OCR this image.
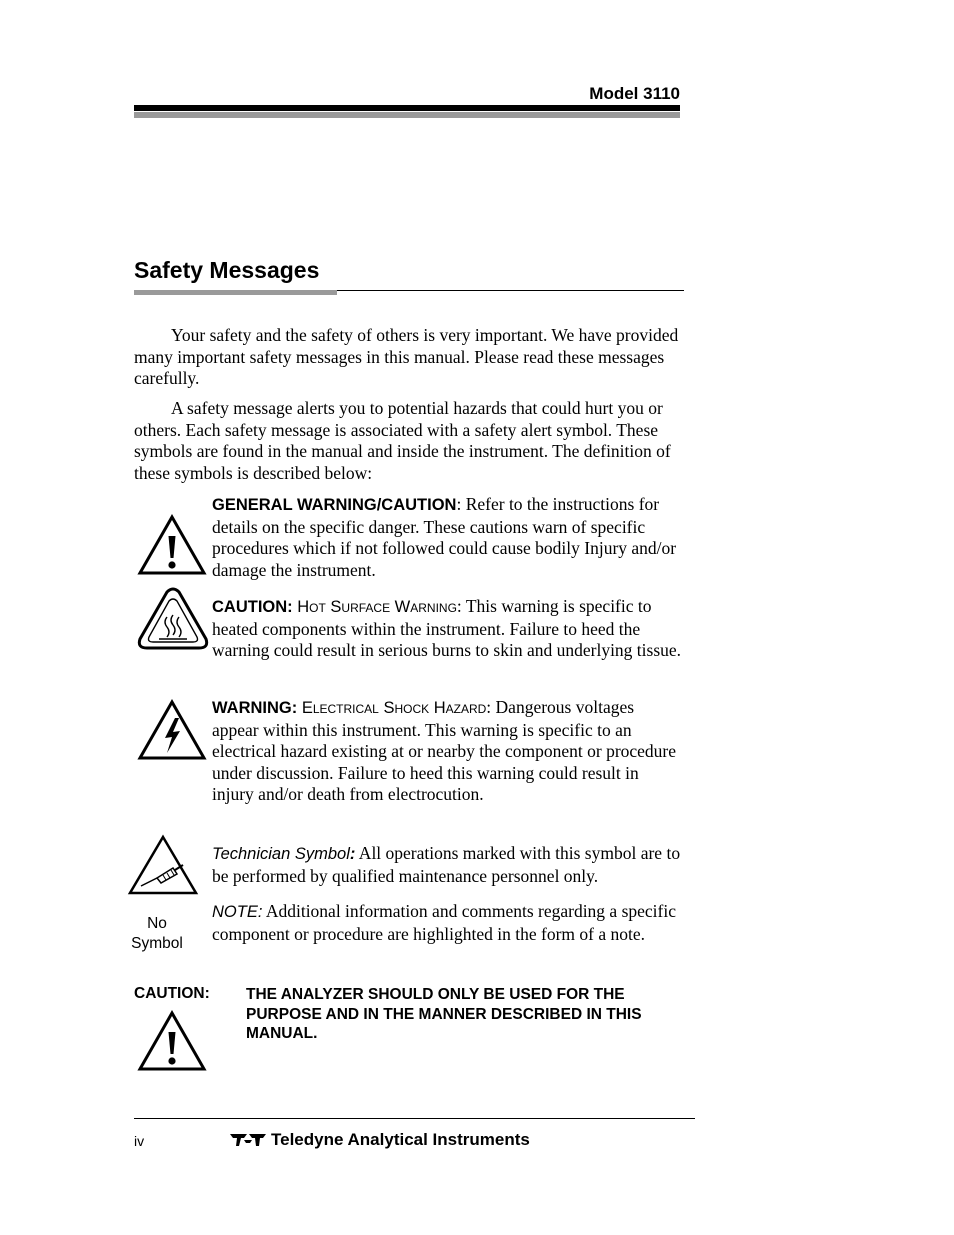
Model 3110
Safety Messages

Your safety and the safety of others is very important. We have provided many important safety messages in this manual. Please read these messages carefully.

A safety message alerts you to potential hazards that could hurt you or others. Each safety message is associated with a safety alert symbol. These symbols are found in the manual and inside the instrument. The definition of these symbols is described below:

GENERAL WARNING/CAUTION: Refer to the instructions for details on the specific danger. These cautions warn of specific procedures which if not followed could cause bodily Injury and/or damage the instrument.

CAUTION: Hot Surface Warning: This warning is specific to heated components within the instrument. Failure to heed the warning could result in serious burns to skin and underlying tissue.

WARNING: Electrical Shock Hazard: Dangerous voltages appear within this instrument. This warning is specific to an electrical hazard existing at or nearby the component or procedure under discussion. Failure to heed this warning could result in injury and/or death from electrocution.

Technician Symbol: All operations marked with this symbol are to be performed by qualified maintenance personnel only.

No
Symbol

NOTE: Additional information and comments regarding a specific component or procedure are highlighted in the form of a note.

CAUTION: THE ANALYZER SHOULD ONLY BE USED FOR THE PURPOSE AND IN THE MANNER DESCRIBED IN THIS MANUAL.

iv	Teledyne Analytical Instruments
